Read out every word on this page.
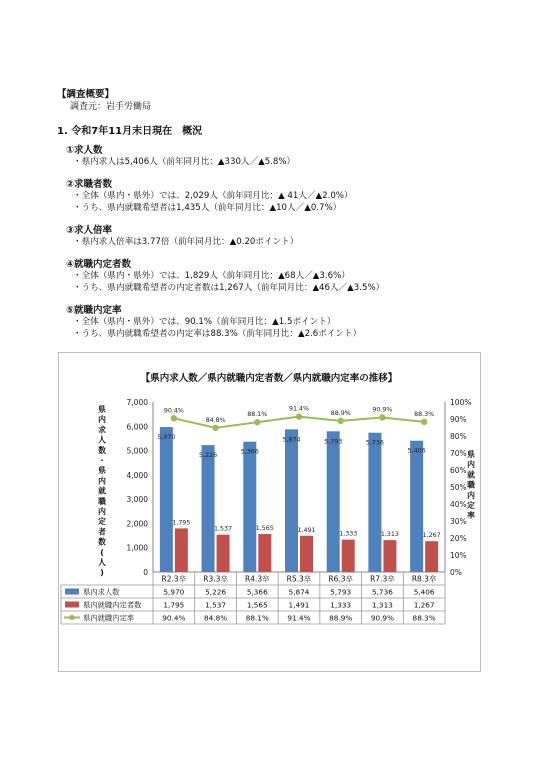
【調査概要】
調査元：岩手労働局
1. 令和7年11月末日現在　概況
①求人数
・県内求人は5,406人（前年同月比：▲330人／▲5.8%）
②求職者数
・全体（県内・県外）では、2,029人（前年同月比：▲ 41人／▲2.0%）
・うち、県内就職希望者は1,435人（前年同月比：▲10人／▲0.7%）
③求人倍率
・県内求人倍率は3.77倍（前年同月比：▲0.20ポイント）
④就職内定者数
・全体（県内・県外）では、1,829人（前年同月比：▲68人／▲3.6%）
・うち、県内就職希望者の内定者数は1,267人（前年同月比：▲46人／▲3.5%）
⑤就職内定率
・全体（県内・県外）では、90.1%（前年同月比：▲1.5ポイント）
・うち、県内就職希望者の内定率は88.3%（前年同月比：▲2.6ポイント）
【県内求人数／県内就職内定者数／県内就職内定率の推移】
0
1,000
2,000
3,000
4,000
5,000
6,000
7,000
0%
10%
20%
30%
40%
50%
60%
70%
80%
90%
100%
県
内
求
人
数
・
県
内
就
職
内
定
者
数
(
人
)
県
内
就
職
内
定
率
5,970
1,795
5,226
1,537
5,366
1,565
5,874
1,491
5,793
1,333
5,736
1,313
5,406
1,267
90.4%
84.8%
88.1%
91.4%
88.9%	90.9%
88.3%
R2.3卒 R3.3卒 R4.3卒 R5.3卒 R6.3卒 R7.3卒 R8.3卒
県内求人数	5,970	5,226	5,366	5,874	5,793	5,736	5,406
県内就職内定者数	1,795	1,537	1,565	1,491	1,333	1,313	1,267
県内就職内定率	90.4%	84.8%	88.1%	91.4%	88.9%	90.9%	88.3%
